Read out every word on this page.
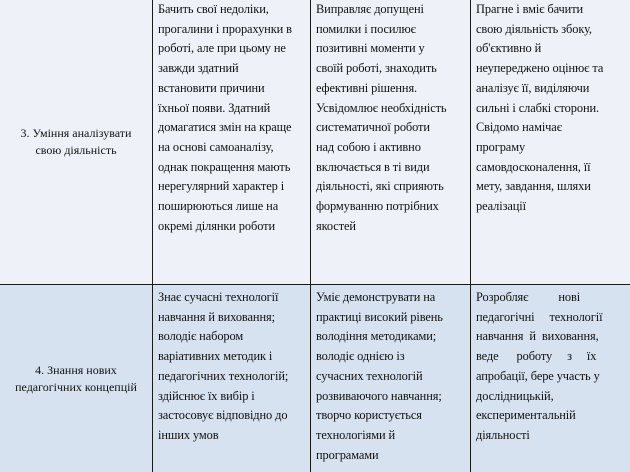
3. Уміння аналізувати
свою діяльність
Бачить свої недоліки,
прогалини і прорахунки в
роботі, але при цьому не
завжди здатний
встановити причини
їхньої появи. Здатний
домагатися змін на краще
на основі самоаналізу,
однак покращення мають
нерегулярний характер і
поширюються лише на
окремі ділянки роботи
Виправляє допущені
помилки і посилює
позитивні моменти у
своїй роботі, знаходить
ефективні рішення.
Усвідомлює необхідність
систематичної роботи
над собою і активно
включається в ті види
діяльності, які сприяють
формуванню потрібних
якостей
Прагне і вміє бачити
свою діяльність збоку,
об'єктивно й
неупереджено оцінює та
аналізує її, виділяючи
сильні і слабкі сторони.
Свідомо намічає
програму
самовдосконалення, її
мету, завдання, шляхи
реалізації
4. Знання нових
педагогічних концепцій
Знає сучасні технології
навчання й виховання;
володіє набором
варіативних методик і
педагогічних технологій;
здійснює їх вибір і
застосовує відповідно до
інших умов
Уміє демонструвати на
практиці високий рівень
володіння методиками;
володіє однією із
сучасних технологій
розвиваючого навчання;
творчо користується
технологіями й
програмами
Розробляє          нові
педагогічні     технології
навчання  й  виховання,
веде      роботу     з     їх
апробації, бере участь у
дослідницькій,
експериментальній
діяльності
